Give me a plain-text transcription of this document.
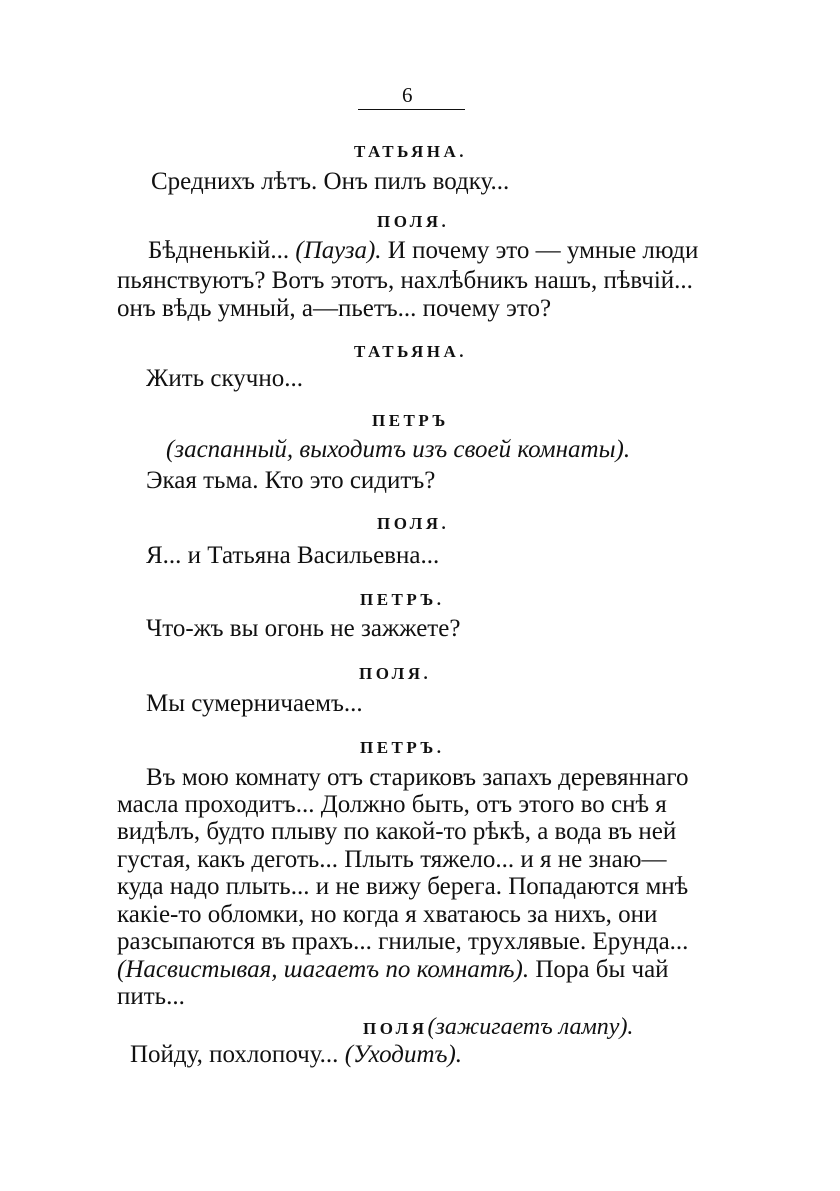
6
ТАТЬЯНА.
Среднихъ лѣтъ. Онъ пилъ водку...
ПОЛЯ.
Бѣдненькій... (Пауза). И почему это — умные люди
пьянствуютъ? Вотъ этотъ, нахлѣбникъ нашъ, пѣвчій...
онъ вѣдь умный, а—пьетъ... почему это?
ТАТЬЯНА.
Жить скучно...
ПЕТРЪ
(заспанный, выходитъ изъ своей комнаты).
Экая тьма. Кто это сидитъ?
ПОЛЯ.
Я... и Татьяна Васильевна...
ПЕТРЪ.
Что-жъ вы огонь не зажжете?
ПОЛЯ.
Мы сумерничаемъ...
ПЕТРЪ.
Въ мою комнату отъ стариковъ запахъ деревяннаго
масла проходитъ... Должно быть, отъ этого во снѣ я
видѣлъ, будто плыву по какой-то рѣкѣ, а вода въ ней
густая, какъ деготь... Плыть тяжело... и я не знаю—
куда надо плыть... и не вижу берега. Попадаются мнѣ
какіе-то обломки, но когда я хватаюсь за нихъ, они
разсыпаются въ прахъ... гнилые, трухлявые. Ерунда...
(Насвистывая, шагаетъ по комнатѣ). Пора бы чай
пить...
ПОЛЯ(зажигаетъ лампу).
Пойду, похлопочу... (Уходитъ).
